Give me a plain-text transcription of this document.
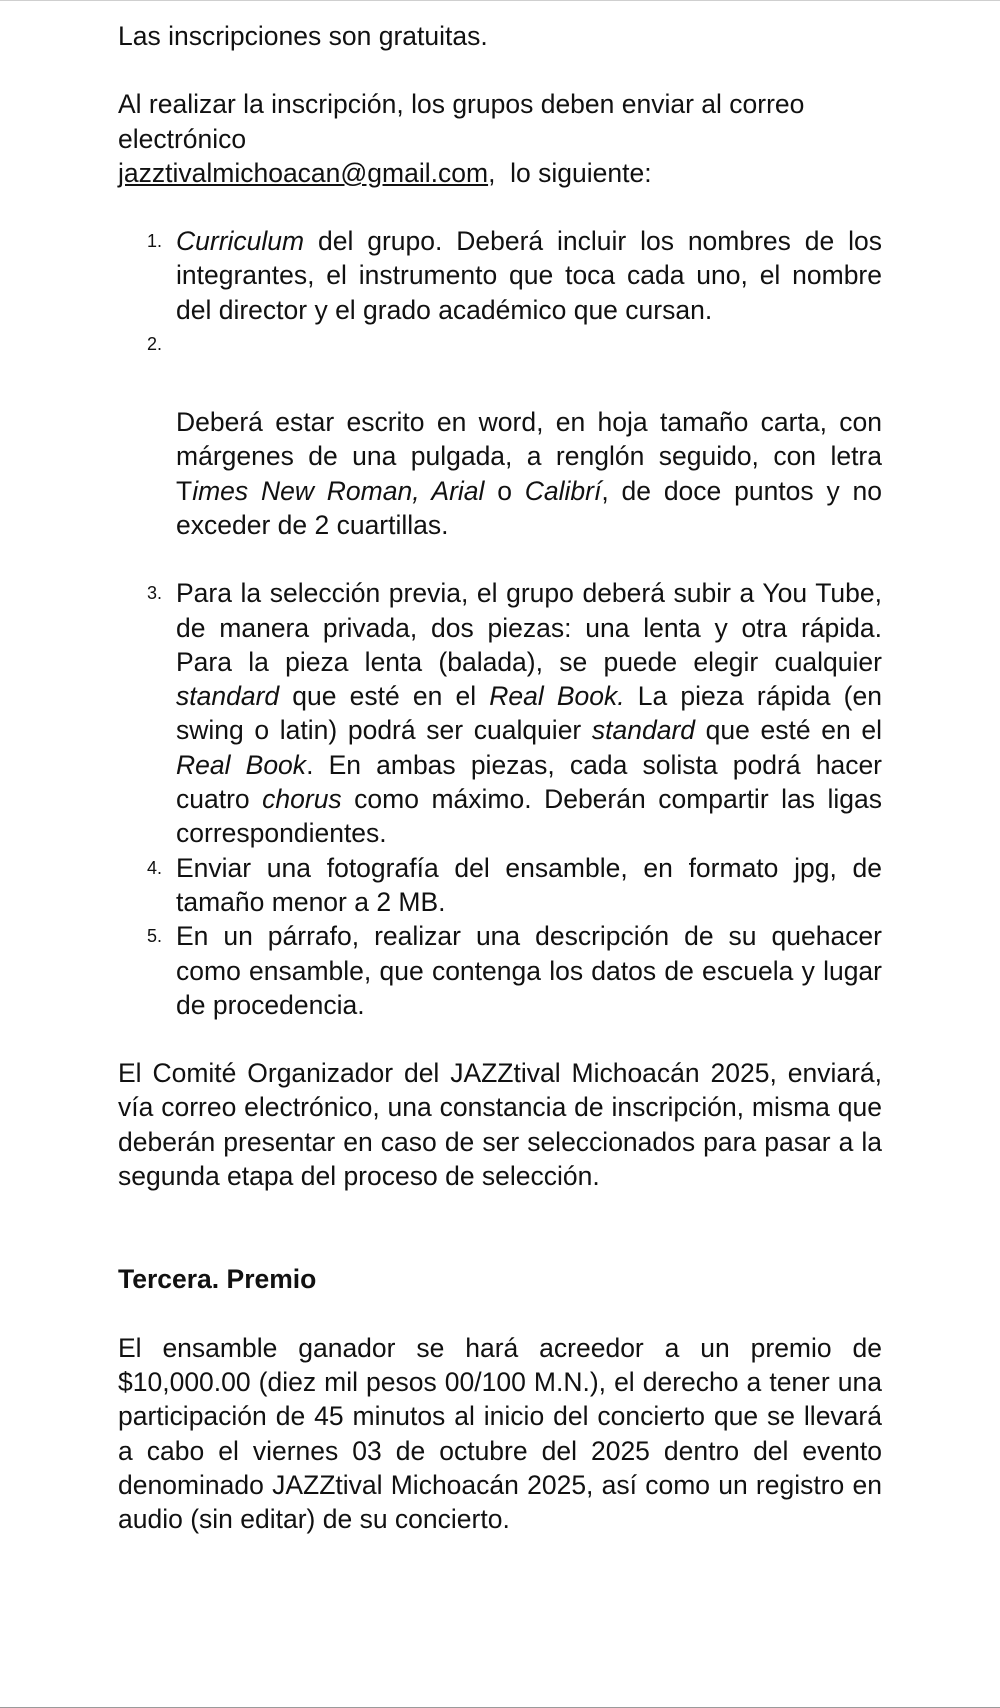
Las inscripciones son gratuitas.

Al realizar la inscripción, los grupos deben enviar al correo electrónico
jazztivalmichoacan@gmail.com,  lo siguiente:

1. Curriculum del grupo. Deberá incluir los nombres de los integrantes, el instrumento que toca cada uno, el nombre del director y el grado académico que cursan.
2.
Deberá estar escrito en word, en hoja tamaño carta, con márgenes de una pulgada, a renglón seguido, con letra Times New Roman, Arial o Calibrí, de doce puntos y no exceder de 2 cuartillas.
3. Para la selección previa, el grupo deberá subir a You Tube, de manera privada, dos piezas: una lenta y otra rápida. Para la pieza lenta (balada), se puede elegir cualquier standard que esté en el Real Book. La pieza rápida (en swing o latin) podrá ser cualquier standard que esté en el Real Book. En ambas piezas, cada solista podrá hacer cuatro chorus como máximo. Deberán compartir las ligas correspondientes.
4. Enviar una fotografía del ensamble, en formato jpg, de tamaño menor a 2 MB.
5. En un párrafo, realizar una descripción de su quehacer como ensamble, que contenga los datos de escuela y lugar de procedencia.

El Comité Organizador del JAZZtival Michoacán 2025, enviará, vía correo electrónico, una constancia de inscripción, misma que deberán presentar en caso de ser seleccionados para pasar a la segunda etapa del proceso de selección.

Tercera. Premio

El ensamble ganador se hará acreedor a un premio de $10,000.00 (diez mil pesos 00/100 M.N.), el derecho a tener una participación de 45 minutos al inicio del concierto que se llevará a cabo el viernes 03 de octubre del 2025 dentro del evento denominado JAZZtival Michoacán 2025, así como un registro en audio (sin editar) de su concierto.
